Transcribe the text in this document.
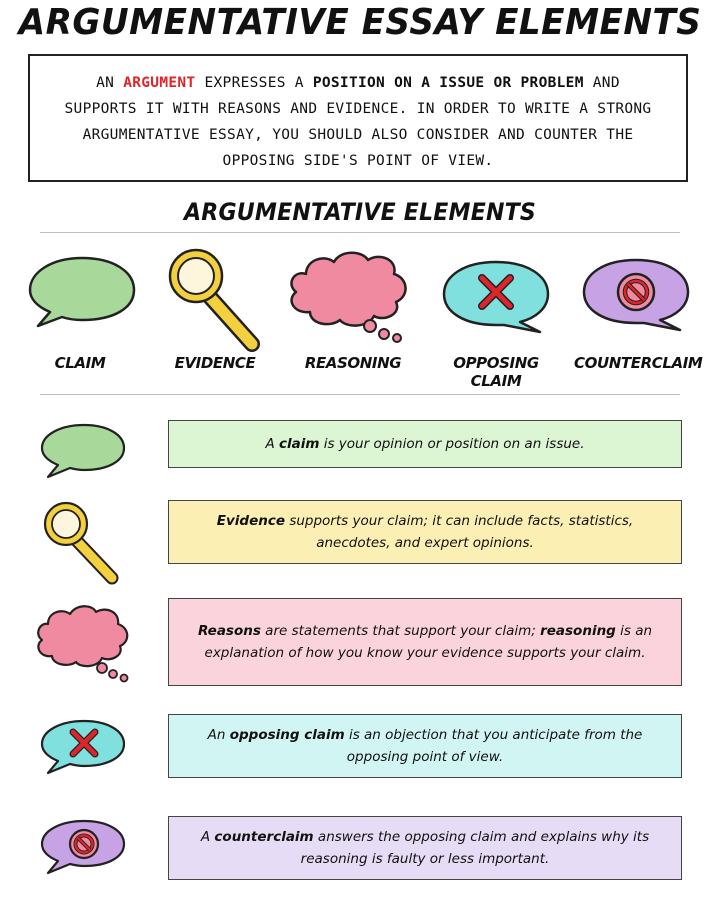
ARGUMENTATIVE ESSAY ELEMENTS
AN ARGUMENT EXPRESSES A POSITION ON A ISSUE OR PROBLEM AND SUPPORTS IT WITH REASONS AND EVIDENCE. IN ORDER TO WRITE A STRONG ARGUMENTATIVE ESSAY, YOU SHOULD ALSO CONSIDER AND COUNTER THE OPPOSING SIDE'S POINT OF VIEW.
ARGUMENTATIVE ELEMENTS
CLAIM	EVIDENCE	REASONING	OPPOSING CLAIM
COUNTERCLAIM
A claim is your opinion or position on an issue.
Evidence supports your claim; it can include facts, statistics, anecdotes, and expert opinions.
Reasons are statements that support your claim; reasoning is an explanation of how you know your evidence supports your claim.
An opposing claim is an objection that you anticipate from the opposing point of view.
A counterclaim answers the opposing claim and explains why its reasoning is faulty or less important.
